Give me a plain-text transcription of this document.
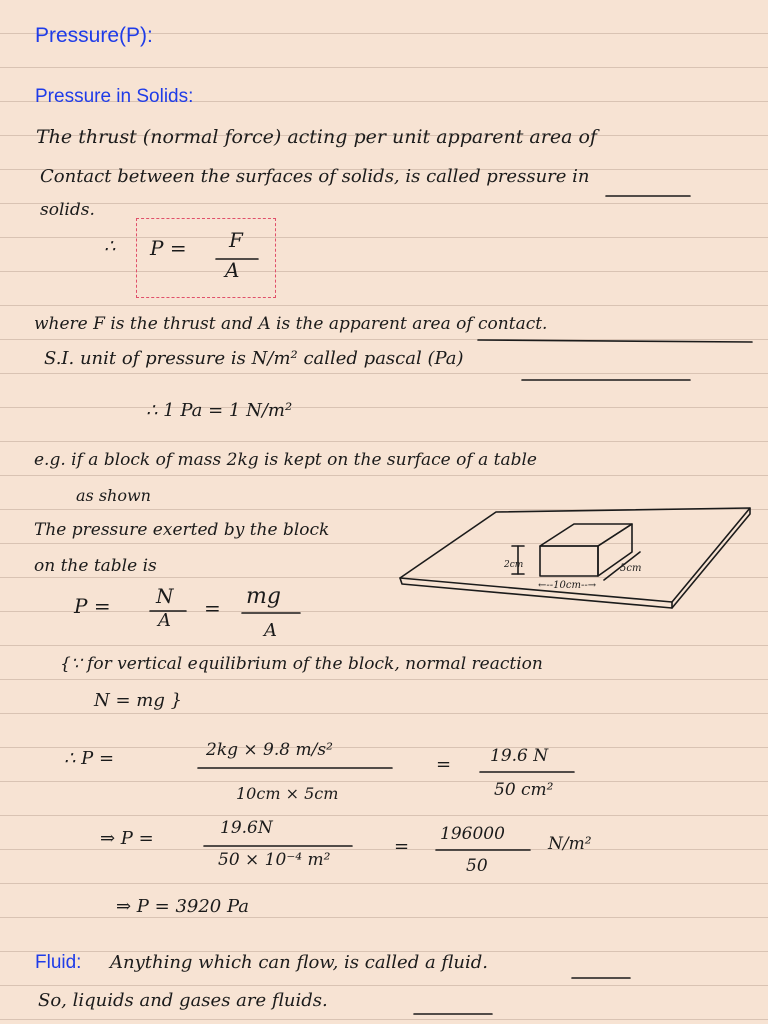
Pressure(P):
Pressure in Solids:
The thrust (normal force) acting per unit apparent area of
Contact between the surfaces of solids, is called pressure in
solids.
∴ P = F
A
where F is the thrust and A is the apparent area of contact.
S.I. unit of pressure is N/m² called pascal (Pa)
∴ 1 Pa = 1 N/m²
e.g. if a block of mass 2kg is kept on the surface of a table
as shown
The pressure exerted by the block
on the table is	2cm	5cm
←--10cm--→
P = N
A
= mg
A
{∵ for vertical equilibrium of the block, normal reaction
N = mg }
∴ P =	2kg × 9.8 m/s²
10cm × 5cm
= 19.6 N
50 cm²
⇒ P =	19.6N
50 × 10⁻⁴ m²
=
196000
50
N/m²
⇒ P = 3920 Pa
Fluid: Anything which can flow, is called a fluid.
So, liquids and gases are fluids.
